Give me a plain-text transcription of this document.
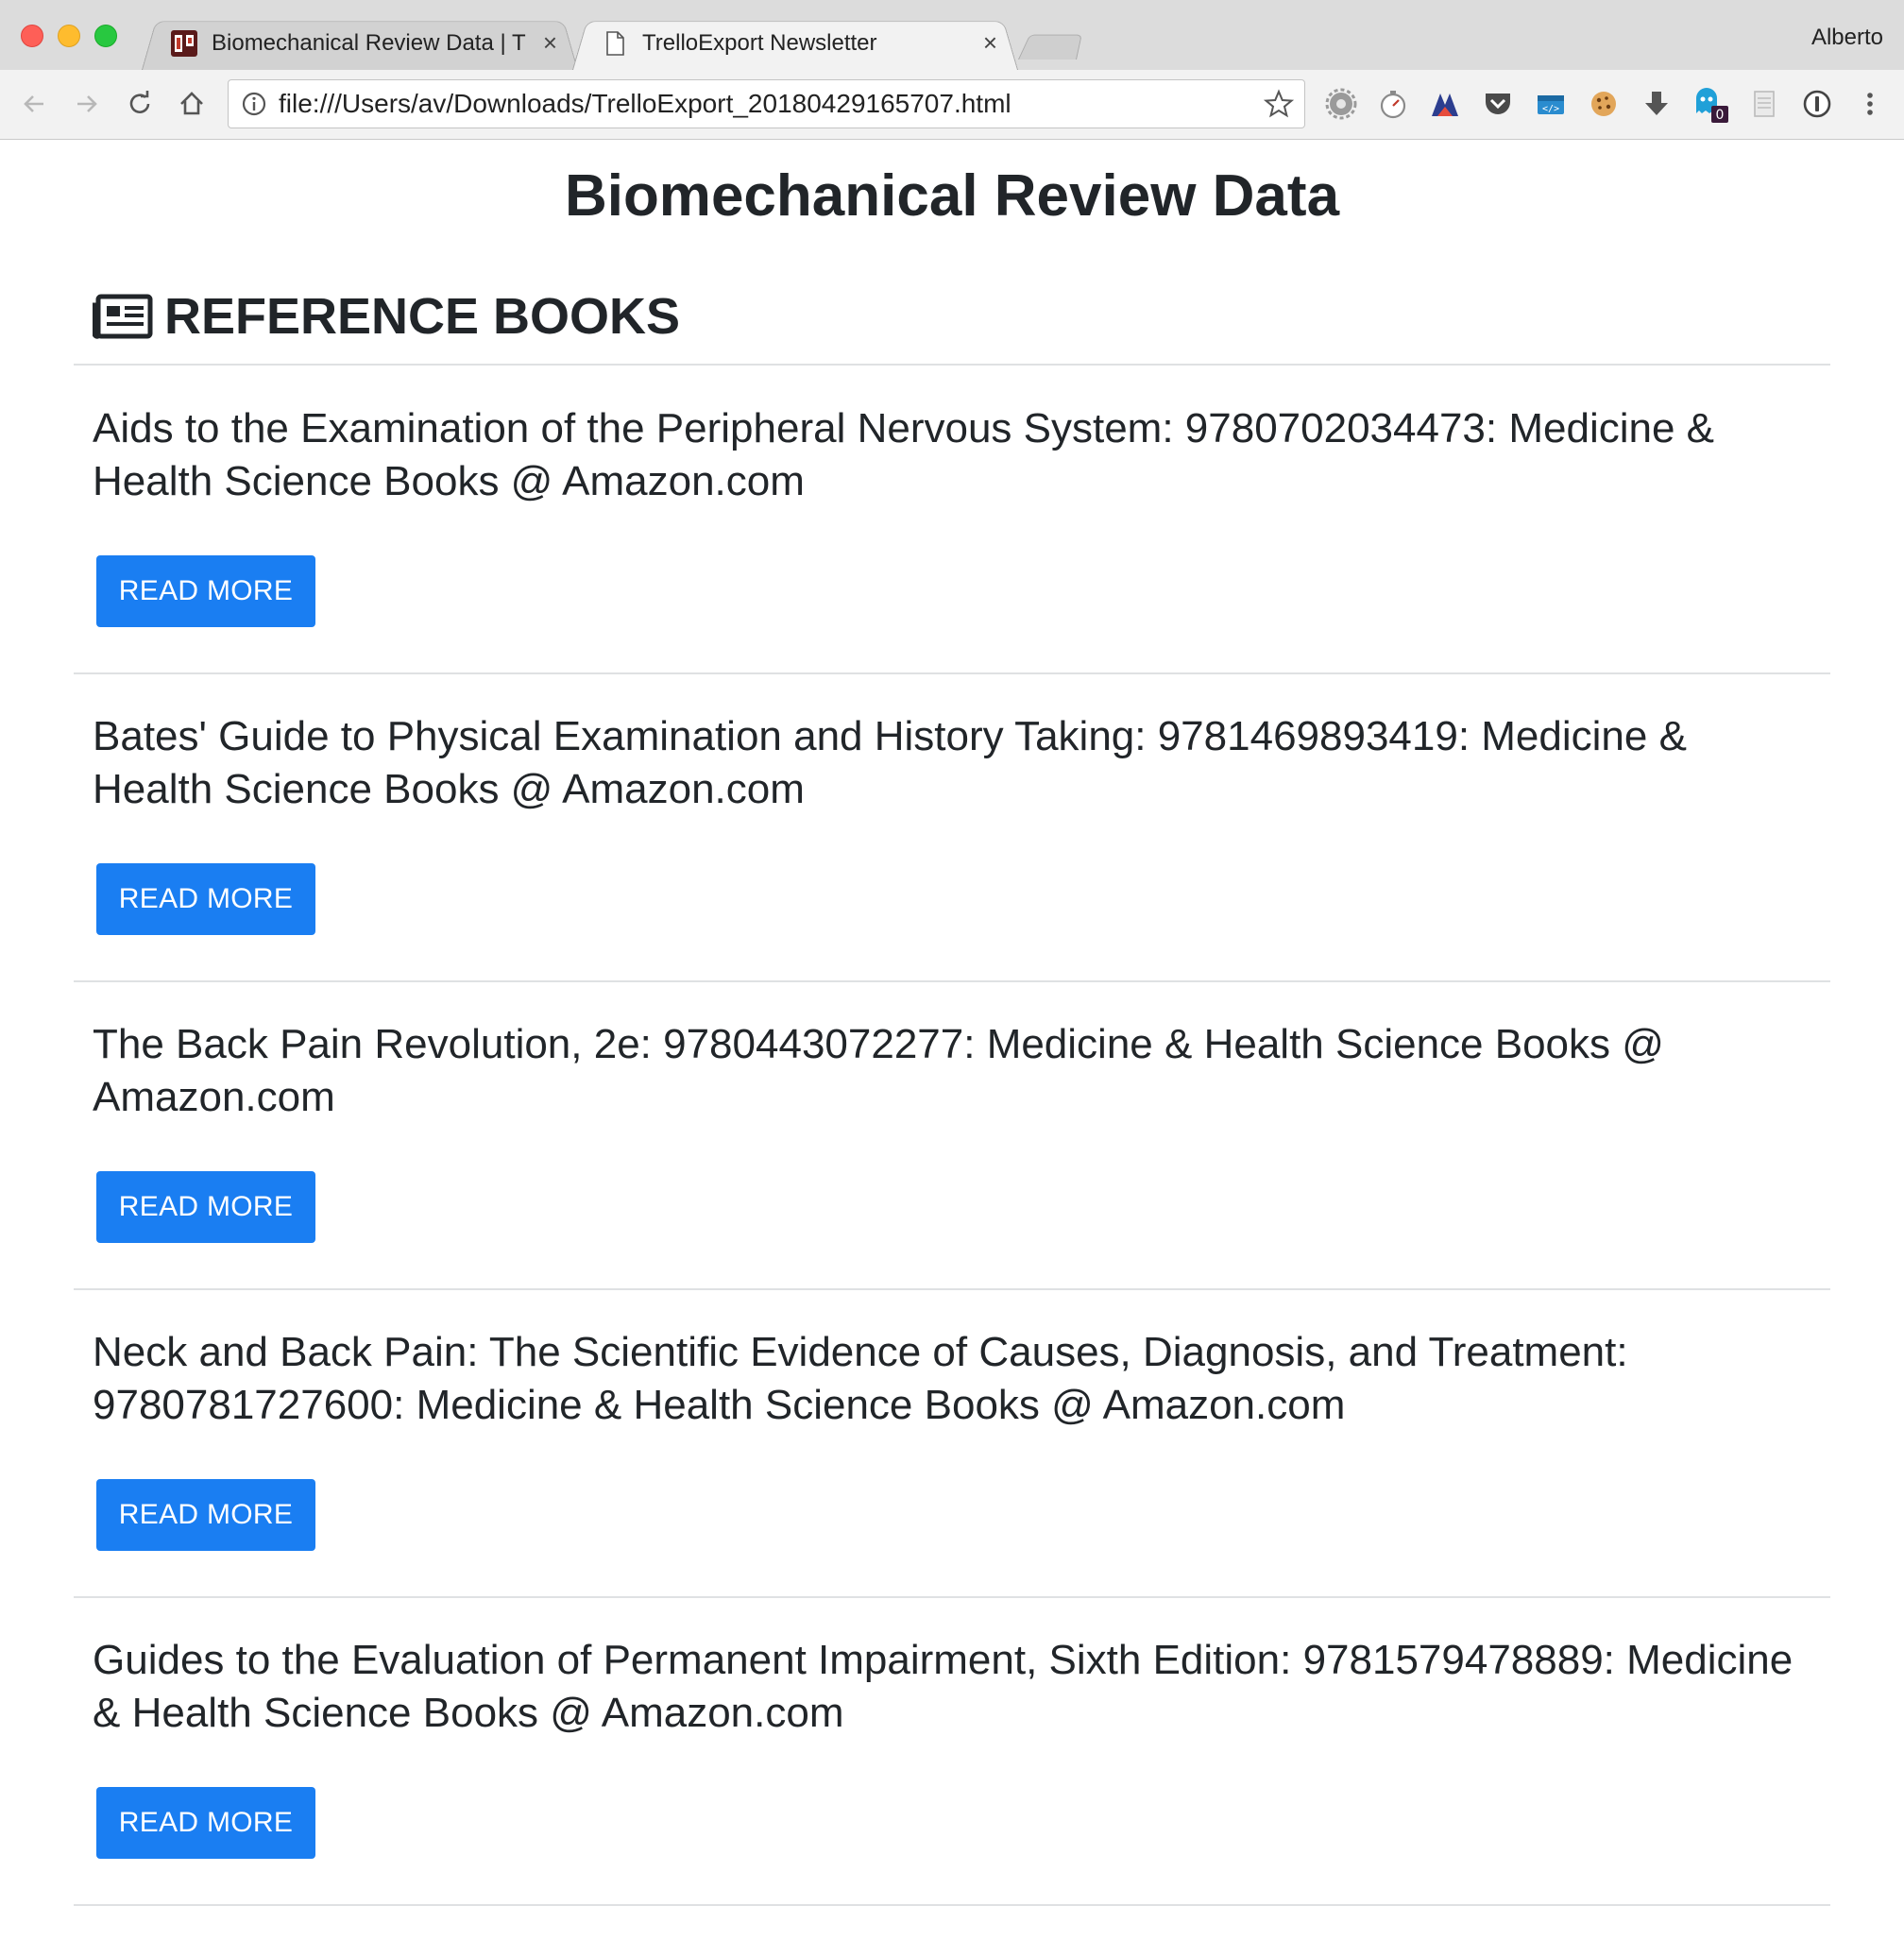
Biomechanical Review Data | T ×	TrelloExport Newsletter	×	Alberto
file:///Users/av/Downloads/TrelloExport_20180429165707.html	</>	0
Biomechanical Review Data
REFERENCE BOOKS
Aids to the Examination of the Peripheral Nervous System: 9780702034473: Medicine & Health Science Books @ Amazon.com
READ MORE
Bates' Guide to Physical Examination and History Taking: 9781469893419: Medicine & Health Science Books @ Amazon.com
READ MORE
The Back Pain Revolution, 2e: 9780443072277: Medicine & Health Science Books @ Amazon.com
READ MORE
Neck and Back Pain: The Scientific Evidence of Causes, Diagnosis, and Treatment: 9780781727600: Medicine & Health Science Books @ Amazon.com
READ MORE
Guides to the Evaluation of Permanent Impairment, Sixth Edition: 9781579478889: Medicine & Health Science Books @ Amazon.com
READ MORE
